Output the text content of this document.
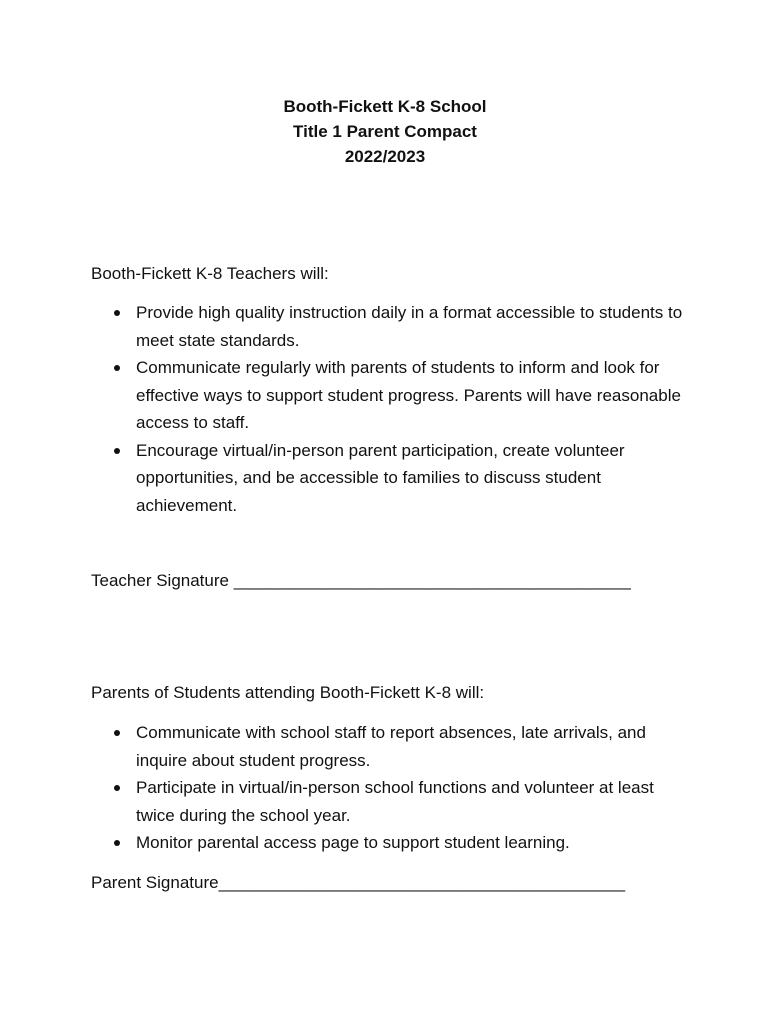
Booth-Fickett K-8 School
Title 1 Parent Compact
2022/2023
Booth-Fickett K-8 Teachers will:
Provide high quality instruction daily in a format accessible to students to meet state standards.
Communicate regularly with parents of students to inform and look for effective ways to support student progress. Parents will have reasonable access to staff.
Encourage virtual/in-person parent participation, create volunteer opportunities, and be accessible to families to discuss student achievement.
Teacher Signature __________________________________________
Parents of Students attending Booth-Fickett K-8 will:
Communicate with school staff to report absences, late arrivals, and inquire about student progress.
Participate in virtual/in-person school functions and volunteer at least twice during the school year.
Monitor parental access page to support student learning.
Parent Signature___________________________________________
